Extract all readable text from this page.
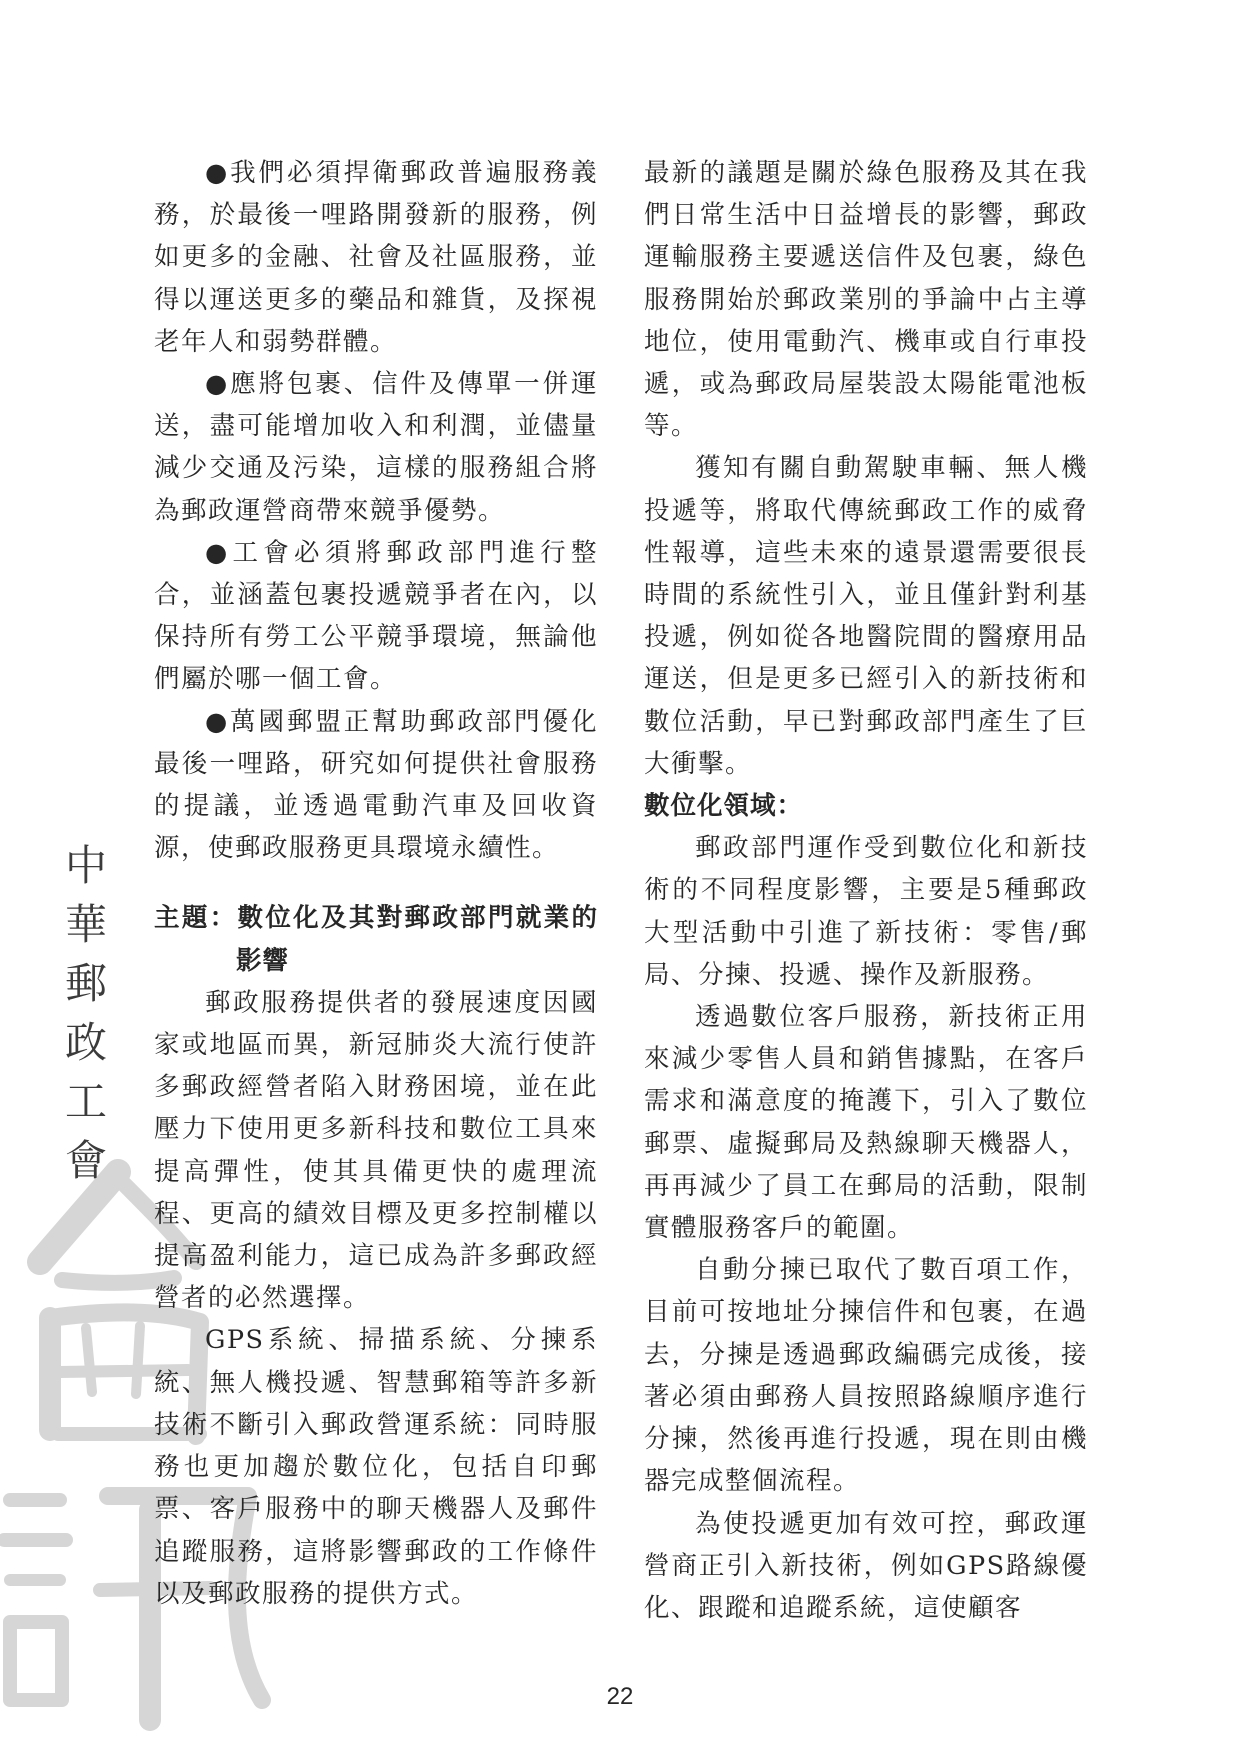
中
華
郵
政
工
會

●我們必須捍衛郵政普遍服務義務，於最後一哩路開發新的服務，例如更多的金融、社會及社區服務，並得以運送更多的藥品和雜貨，及探視老年人和弱勢群體。

●應將包裹、信件及傳單一併運送，盡可能增加收入和利潤，並儘量減少交通及污染，這樣的服務組合將為郵政運營商帶來競爭優勢。

●工會必須將郵政部門進行整合，並涵蓋包裹投遞競爭者在內，以保持所有勞工公平競爭環境，無論他們屬於哪一個工會。

●萬國郵盟正幫助郵政部門優化最後一哩路，研究如何提供社會服務的提議，並透過電動汽車及回收資源，使郵政服務更具環境永續性。

主題：數位化及其對郵政部門就業的影響

郵政服務提供者的發展速度因國家或地區而異，新冠肺炎大流行使許多郵政經營者陷入財務困境，並在此壓力下使用更多新科技和數位工具來提高彈性，使其具備更快的處理流程、更高的績效目標及更多控制權以提高盈利能力，這已成為許多郵政經營者的必然選擇。

GPS系統、掃描系統、分揀系統、無人機投遞、智慧郵箱等許多新技術不斷引入郵政營運系統：同時服務也更加趨於數位化，包括自印郵票、客戶服務中的聊天機器人及郵件追蹤服務，這將影響郵政的工作條件以及郵政服務的提供方式。

最新的議題是關於綠色服務及其在我們日常生活中日益增長的影響，郵政運輸服務主要遞送信件及包裹，綠色服務開始於郵政業別的爭論中占主導地位，使用電動汽、機車或自行車投遞，或為郵政局屋裝設太陽能電池板等。

獲知有關自動駕駛車輛、無人機投遞等，將取代傳統郵政工作的威脅性報導，這些未來的遠景還需要很長時間的系統性引入，並且僅針對利基投遞，例如從各地醫院間的醫療用品運送，但是更多已經引入的新技術和數位活動，早已對郵政部門產生了巨大衝擊。

數位化領域：

郵政部門運作受到數位化和新技術的不同程度影響，主要是5種郵政大型活動中引進了新技術：零售/郵局、分揀、投遞、操作及新服務。

透過數位客戶服務，新技術正用來減少零售人員和銷售據點，在客戶需求和滿意度的掩護下，引入了數位郵票、虛擬郵局及熱線聊天機器人，再再減少了員工在郵局的活動，限制實體服務客戶的範圍。

自動分揀已取代了數百項工作，目前可按地址分揀信件和包裹，在過去，分揀是透過郵政編碼完成後，接著必須由郵務人員按照路線順序進行分揀，然後再進行投遞，現在則由機器完成整個流程。

為使投遞更加有效可控，郵政運營商正引入新技術，例如GPS路線優化、跟蹤和追蹤系統，這使顧客

22
